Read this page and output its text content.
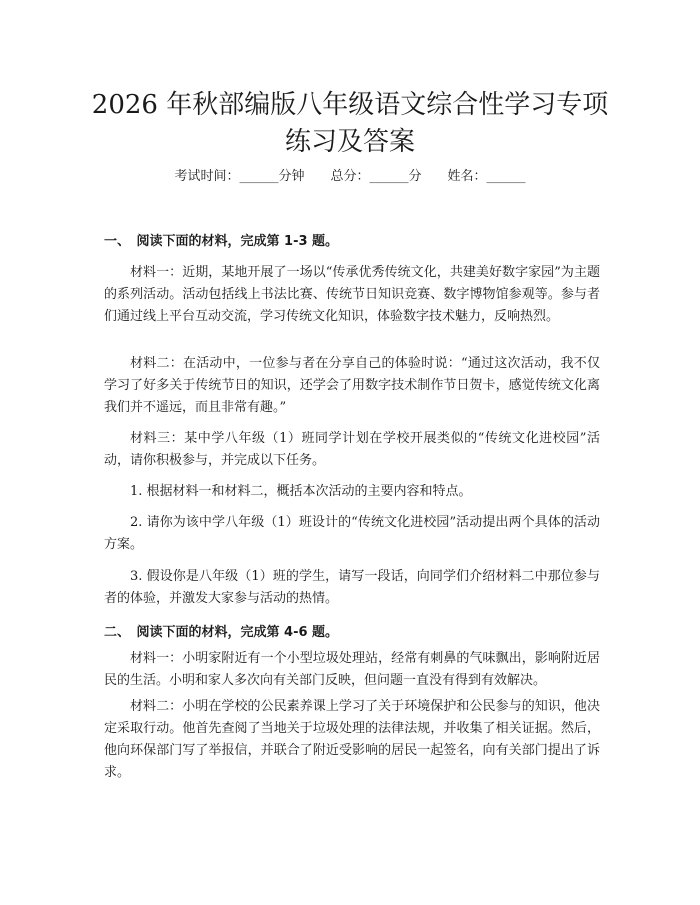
2026 年秋部编版八年级语文综合性学习专项
练习及答案
考试时间：______分钟　　总分：______分　　姓名：______
一、　阅读下面的材料，完成第 1-3 题。

材料一：近期，某地开展了一场以“传承优秀传统文化，共建美好数字家园”为主题的系列活动。活动包括线上书法比赛、传统节日知识竞赛、数字博物馆参观等。参与者们通过线上平台互动交流，学习传统文化知识，体验数字技术魅力，反响热烈。

材料二：在活动中，一位参与者在分享自己的体验时说：“通过这次活动，我不仅学习了好多关于传统节日的知识，还学会了用数字技术制作节日贺卡，感觉传统文化离我们并不遥远，而且非常有趣。”

材料三：某中学八年级（1）班同学计划在学校开展类似的“传统文化进校园”活动，请你积极参与，并完成以下任务。

1. 根据材料一和材料二，概括本次活动的主要内容和特点。

2. 请你为该中学八年级（1）班设计的“传统文化进校园”活动提出两个具体的活动方案。

3. 假设你是八年级（1）班的学生，请写一段话，向同学们介绍材料二中那位参与者的体验，并激发大家参与活动的热情。

二、　阅读下面的材料，完成第 4-6 题。

材料一：小明家附近有一个小型垃圾处理站，经常有刺鼻的气味飘出，影响附近居民的生活。小明和家人多次向有关部门反映，但问题一直没有得到有效解决。

材料二：小明在学校的公民素养课上学习了关于环境保护和公民参与的知识，他决定采取行动。他首先查阅了当地关于垃圾处理的法律法规，并收集了相关证据。然后，他向环保部门写了举报信，并联合了附近受影响的居民一起签名，向有关部门提出了诉求。
